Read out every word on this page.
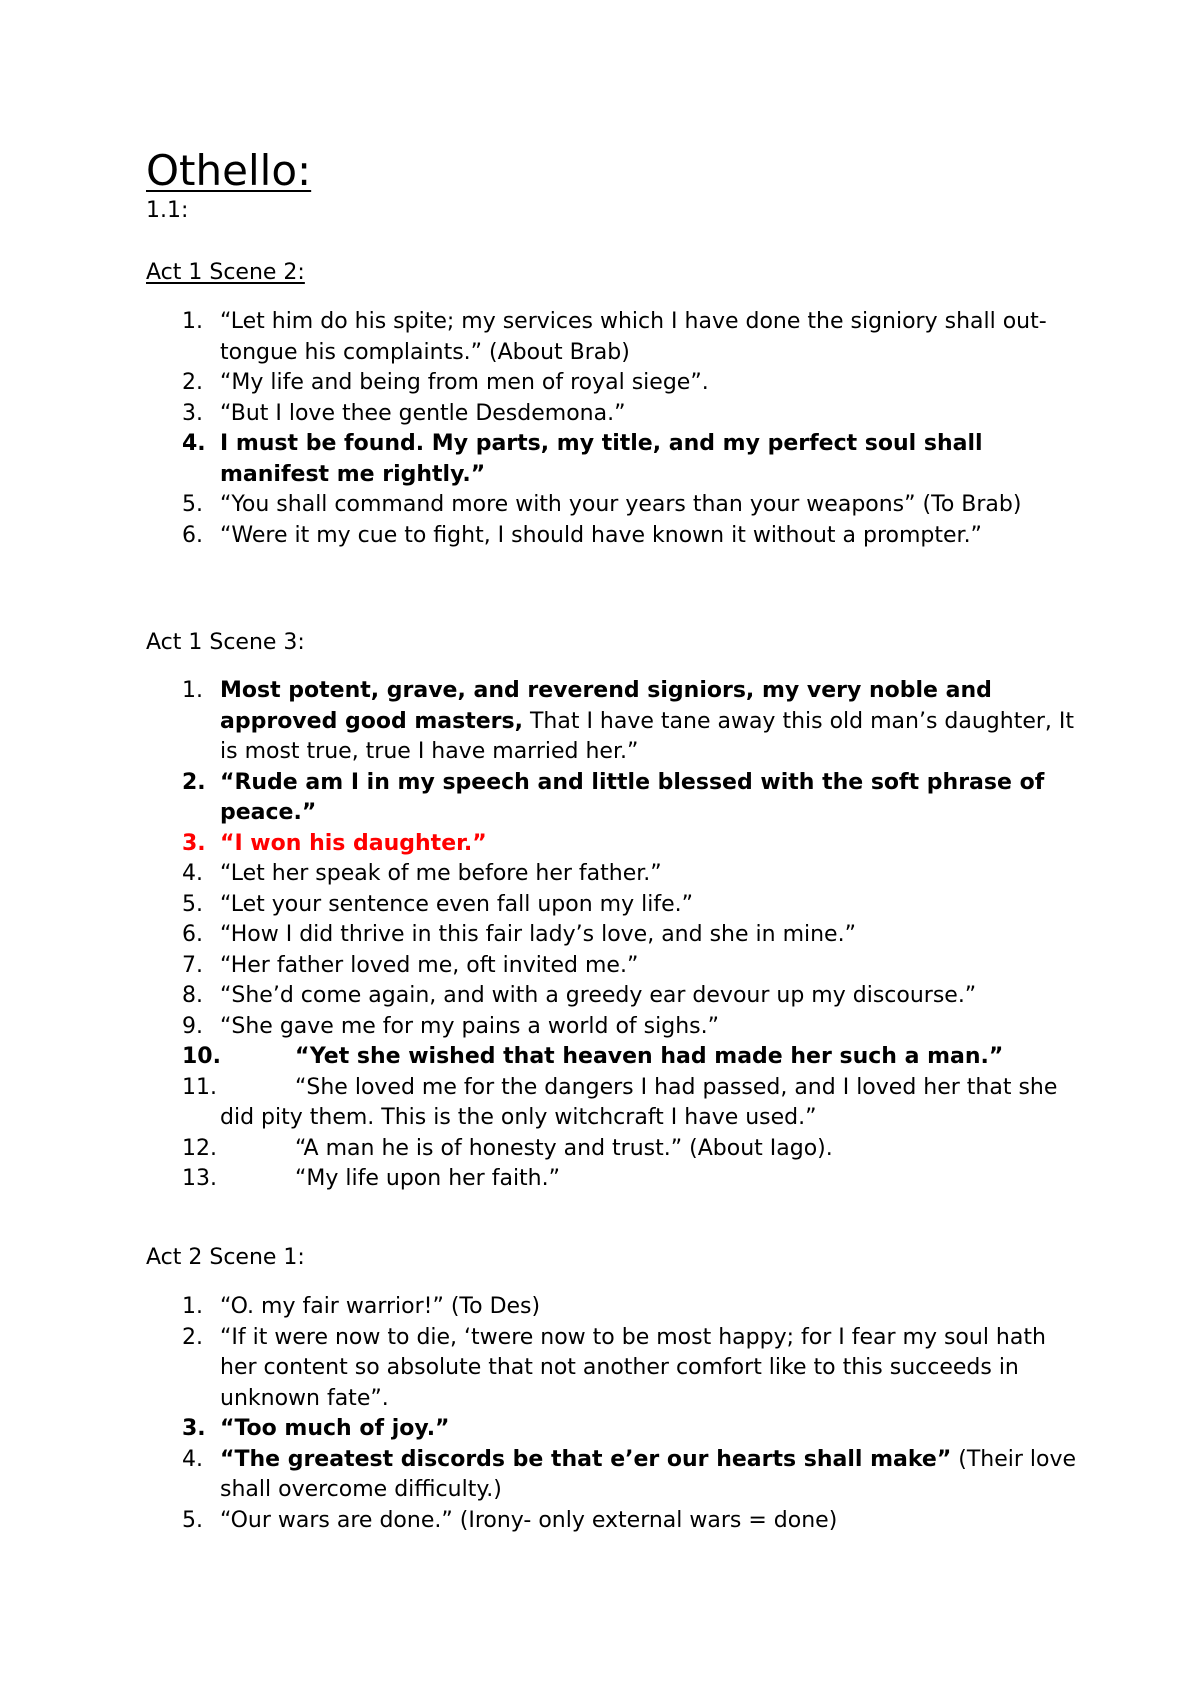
Othello:

1.1:

Act 1 Scene 2:

1. “Let him do his spite; my services which I have done the signiory shall out-tongue his complaints.” (About Brab)
2. “My life and being from men of royal siege”.
3. “But I love thee gentle Desdemona.”
4. I must be found. My parts, my title, and my perfect soul shall manifest me rightly.”
5. “You shall command more with your years than your weapons” (To Brab)
6. “Were it my cue to fight, I should have known it without a prompter.”

Act 1 Scene 3:

1. Most potent, grave, and reverend signiors, my very noble and approved good masters, That I have tane away this old man’s daughter, It is most true, true I have married her.”
2. “Rude am I in my speech and little blessed with the soft phrase of peace.”
3. “I won his daughter.”
4. “Let her speak of me before her father.”
5. “Let your sentence even fall upon my life.”
6. “How I did thrive in this fair lady’s love, and she in mine.”
7. “Her father loved me, oft invited me.”
8. “She’d come again, and with a greedy ear devour up my discourse.”
9. “She gave me for my pains a world of sighs.”
10.	“Yet she wished that heaven had made her such a man.”
11.	“She loved me for the dangers I had passed, and I loved her that she did pity them. This is the only witchcraft I have used.”
12.	“A man he is of honesty and trust.” (About Iago).
13.	“My life upon her faith.”

Act 2 Scene 1:

1. “O. my fair warrior!” (To Des)
2. “If it were now to die, ‘twere now to be most happy; for I fear my soul hath her content so absolute that not another comfort like to this succeeds in unknown fate”.
3. “Too much of joy.”
4. “The greatest discords be that e’er our hearts shall make” (Their love shall overcome difficulty.)
5. “Our wars are done.” (Irony- only external wars = done)
